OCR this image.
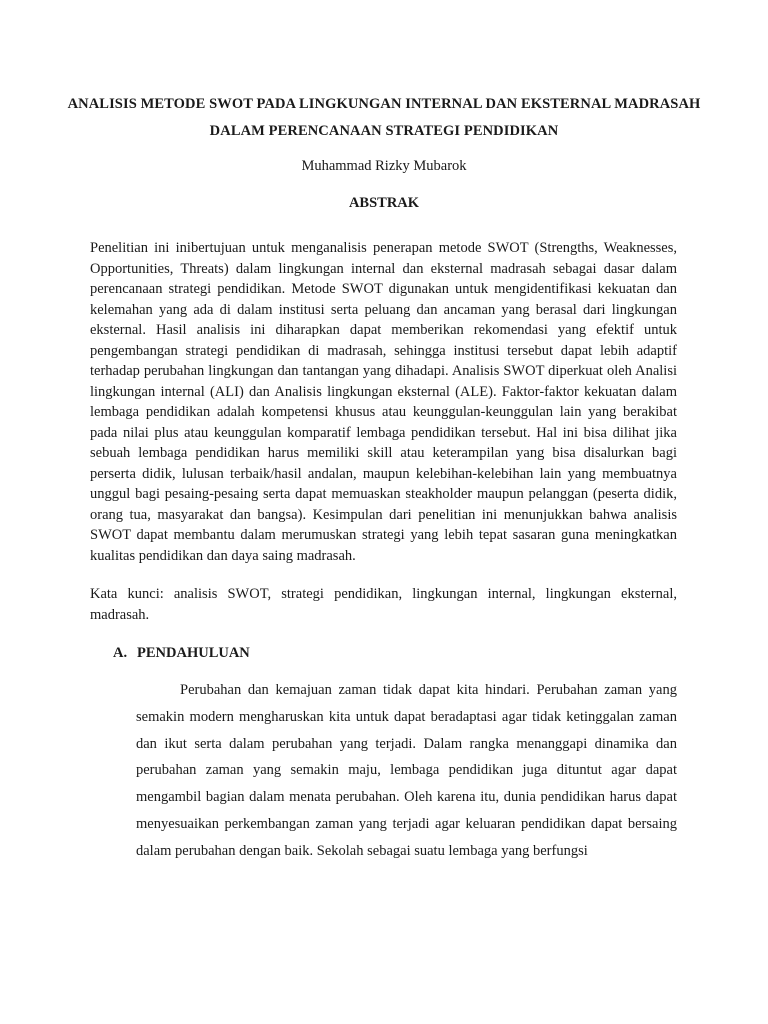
ANALISIS METODE SWOT PADA LINGKUNGAN INTERNAL DAN EKSTERNAL MADRASAH DALAM PERENCANAAN STRATEGI PENDIDIKAN
Muhammad Rizky Mubarok
ABSTRAK

Penelitian ini inibertujuan untuk menganalisis penerapan metode SWOT (Strengths, Weaknesses, Opportunities, Threats) dalam lingkungan internal dan eksternal madrasah sebagai dasar dalam perencanaan strategi pendidikan. Metode SWOT digunakan untuk mengidentifikasi kekuatan dan kelemahan yang ada di dalam institusi serta peluang dan ancaman yang berasal dari lingkungan eksternal. Hasil analisis ini diharapkan dapat memberikan rekomendasi yang efektif untuk pengembangan strategi pendidikan di madrasah, sehingga institusi tersebut dapat lebih adaptif terhadap perubahan lingkungan dan tantangan yang dihadapi. Analisis SWOT diperkuat oleh Analisi lingkungan internal (ALI) dan Analisis lingkungan eksternal (ALE). Faktor-faktor kekuatan dalam lembaga pendidikan adalah kompetensi khusus atau keunggulan-keunggulan lain yang berakibat pada nilai plus atau keunggulan komparatif lembaga pendidikan tersebut. Hal ini bisa dilihat jika sebuah lembaga pendidikan harus memiliki skill atau keterampilan yang bisa disalurkan bagi perserta didik, lulusan terbaik/hasil andalan, maupun kelebihan-kelebihan lain yang membuatnya unggul bagi pesaing-pesaing serta dapat memuaskan steakholder maupun pelanggan (peserta didik, orang tua, masyarakat dan bangsa). Kesimpulan dari penelitian ini menunjukkan bahwa analisis SWOT dapat membantu dalam merumuskan strategi yang lebih tepat sasaran guna meningkatkan kualitas pendidikan dan daya saing madrasah.

Kata kunci: analisis SWOT, strategi pendidikan, lingkungan internal, lingkungan eksternal, madrasah.

A. PENDAHULUAN

Perubahan dan kemajuan zaman tidak dapat kita hindari. Perubahan zaman yang semakin modern mengharuskan kita untuk dapat beradaptasi agar tidak ketinggalan zaman dan ikut serta dalam perubahan yang terjadi. Dalam rangka menanggapi dinamika dan perubahan zaman yang semakin maju, lembaga pendidikan juga dituntut agar dapat mengambil bagian dalam menata perubahan. Oleh karena itu, dunia pendidikan harus dapat menyesuaikan perkembangan zaman yang terjadi agar keluaran pendidikan dapat bersaing dalam perubahan dengan baik. Sekolah sebagai suatu lembaga yang berfungsi
